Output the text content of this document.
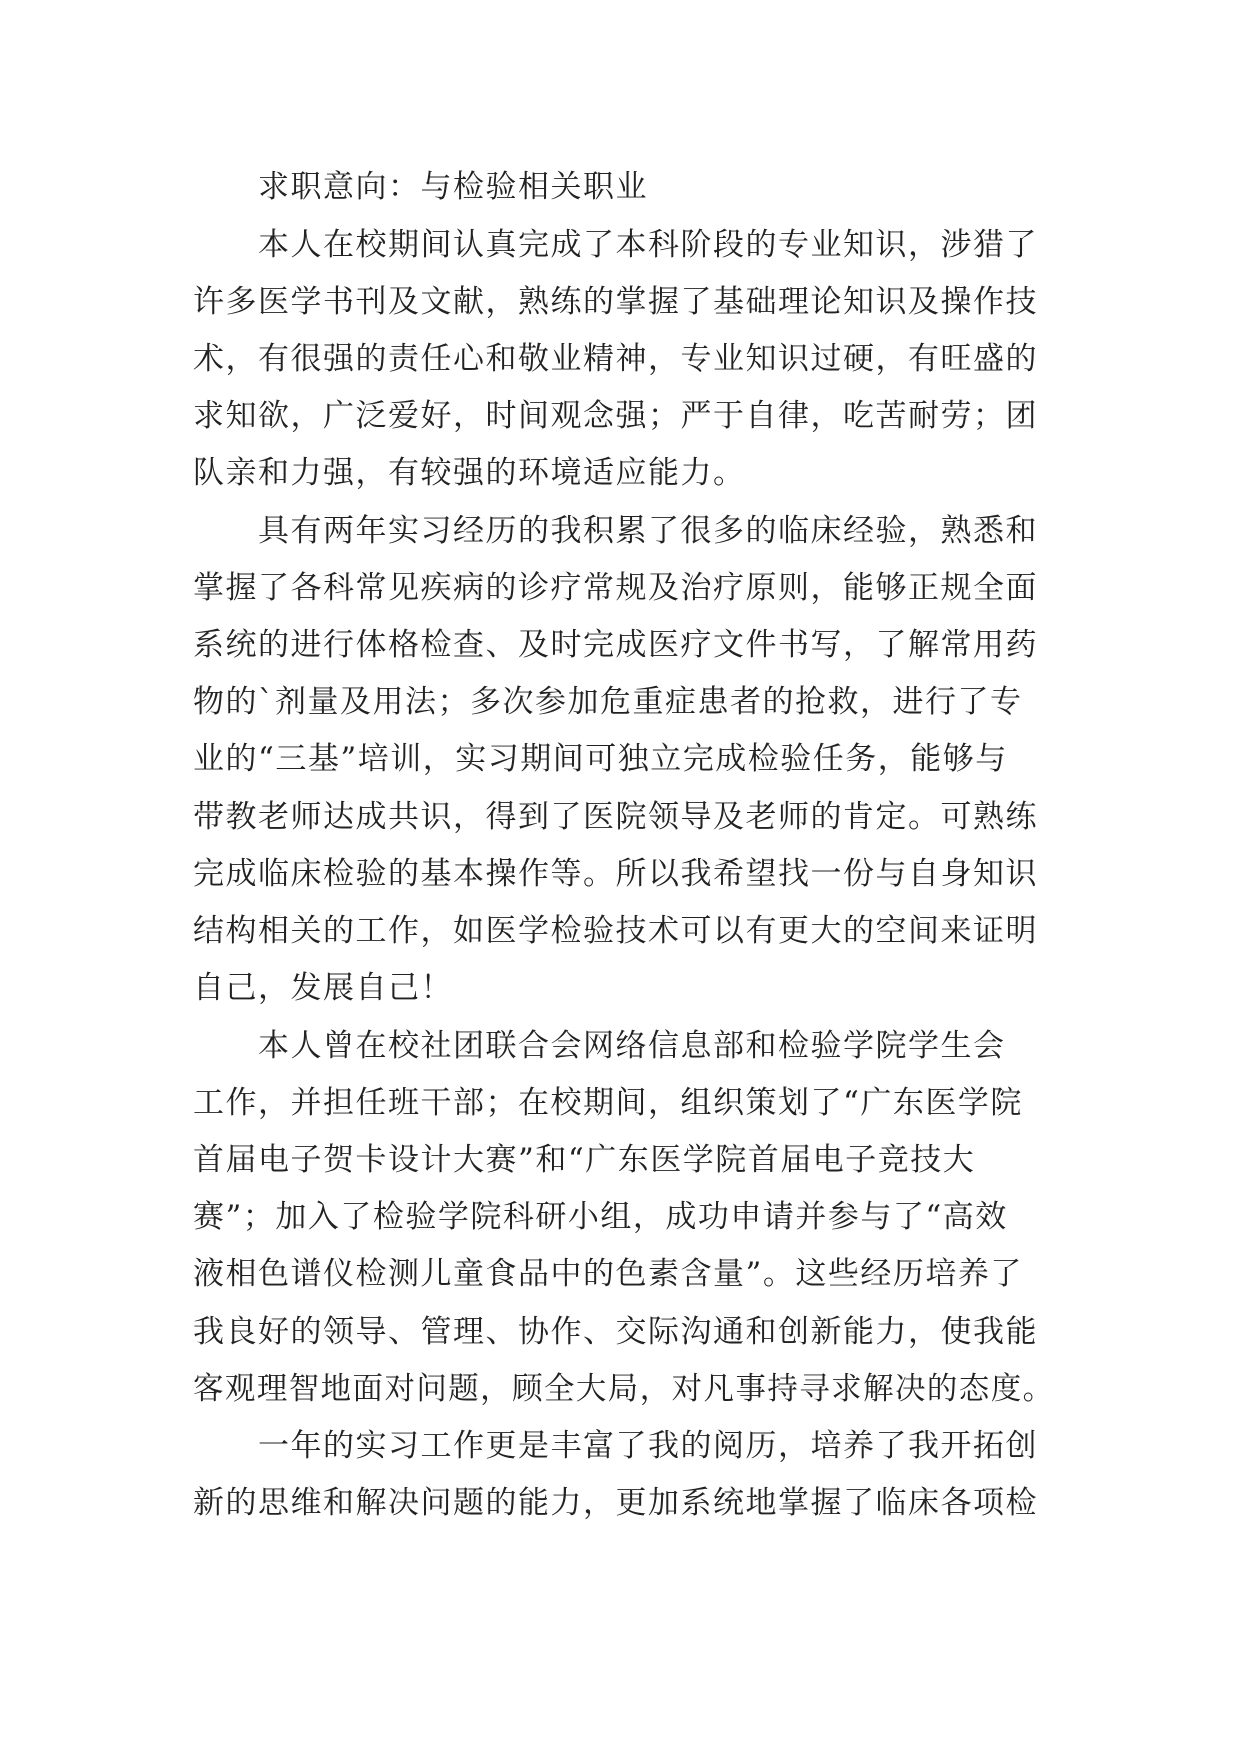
求职意向：与检验相关职业
本人在校期间认真完成了本科阶段的专业知识，涉猎了
许多医学书刊及文献，熟练的掌握了基础理论知识及操作技
术，有很强的责任心和敬业精神，专业知识过硬，有旺盛的
求知欲，广泛爱好，时间观念强；严于自律，吃苦耐劳；团
队亲和力强，有较强的环境适应能力。
具有两年实习经历的我积累了很多的临床经验，熟悉和
掌握了各科常见疾病的诊疗常规及治疗原则，能够正规全面
系统的进行体格检查、及时完成医疗文件书写，了解常用药
物的`剂量及用法；多次参加危重症患者的抢救，进行了专
业的“三基”培训，实习期间可独立完成检验任务，能够与
带教老师达成共识，得到了医院领导及老师的肯定。可熟练
完成临床检验的基本操作等。所以我希望找一份与自身知识
结构相关的工作，如医学检验技术可以有更大的空间来证明
自己，发展自己！
本人曾在校社团联合会网络信息部和检验学院学生会
工作，并担任班干部；在校期间，组织策划了“广东医学院
首届电子贺卡设计大赛”和“广东医学院首届电子竞技大
赛”；加入了检验学院科研小组，成功申请并参与了“高效
液相色谱仪检测儿童食品中的色素含量”。这些经历培养了
我良好的领导、管理、协作、交际沟通和创新能力，使我能
客观理智地面对问题，顾全大局，对凡事持寻求解决的态度。
一年的实习工作更是丰富了我的阅历，培养了我开拓创
新的思维和解决问题的能力，更加系统地掌握了临床各项检
